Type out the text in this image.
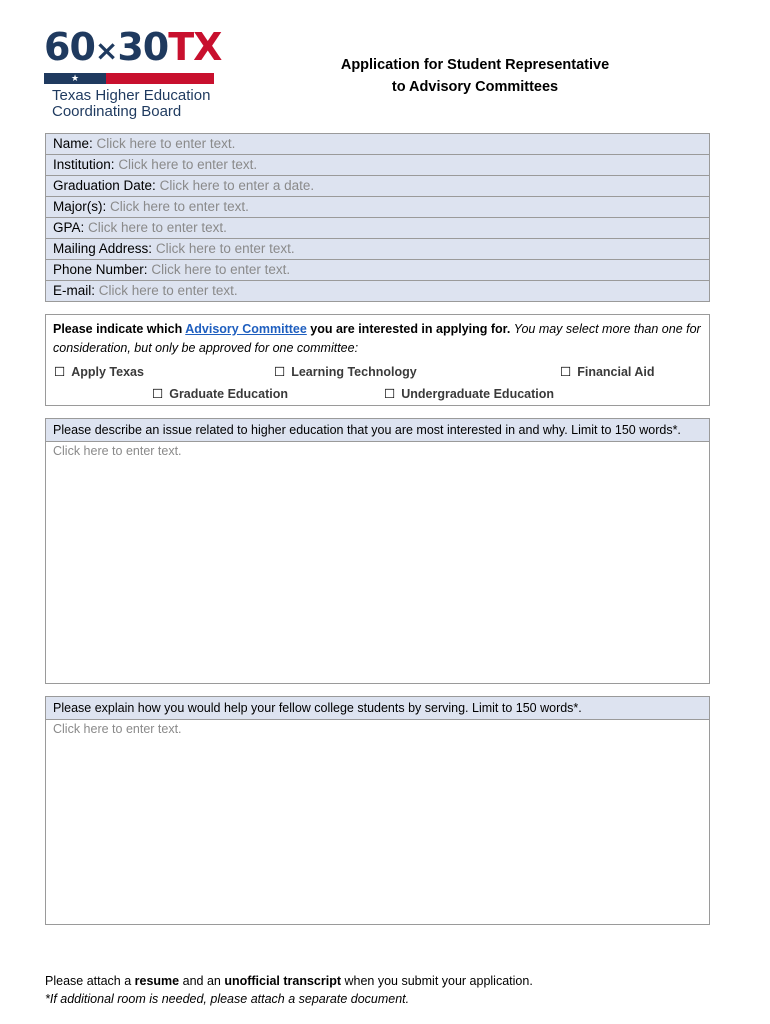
60×30TX
★
Texas Higher Education
Coordinating Board
Application for Student Representative
to Advisory Committees
Name: Click here to enter text.
Institution: Click here to enter text.
Graduation Date: Click here to enter a date.
Major(s): Click here to enter text.
GPA: Click here to enter text.
Mailing Address: Click here to enter text.
Phone Number: Click here to enter text.
E-mail: Click here to enter text.
Please indicate which Advisory Committee you are interested in applying for. You may select more than one for consideration, but only be approved for one committee:
☐ Apply Texas	☐ Learning Technology	☐ Financial Aid
☐ Graduate Education	☐ Undergraduate Education
Please describe an issue related to higher education that you are most interested in and why. Limit to 150 words*.
Click here to enter text.
Please explain how you would help your fellow college students by serving. Limit to 150 words*.
Click here to enter text.
Please attach a resume and an unofficial transcript when you submit your application.
*If additional room is needed, please attach a separate document.
